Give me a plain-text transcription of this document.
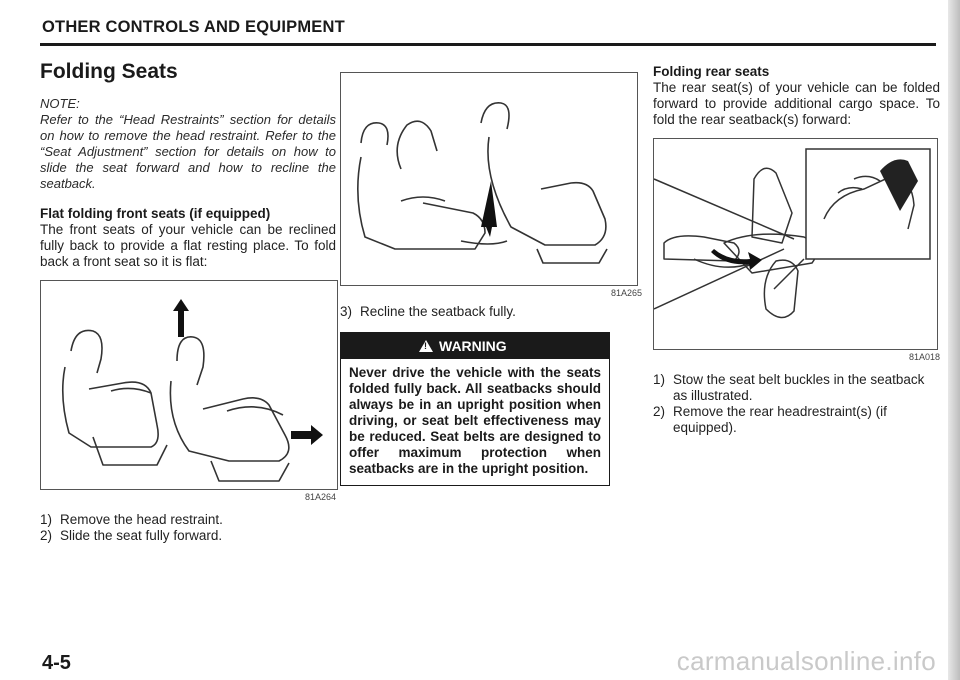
OTHER CONTROLS AND EQUIPMENT
Folding Seats

NOTE:

Refer to the “Head Restraints” section for details on how to remove the head restraint. Refer to the “Seat Adjustment” section for details on how to slide the seat forward and how to recline the seatback.

Flat folding front seats (if equipped)

The front seats of your vehicle can be reclined fully back to provide a flat resting place. To fold back a front seat so it is flat:

81A264
1) Remove the head restraint.
2) Slide the seat fully forward.
81A265
3) Recline the seatback fully.
!
WARNING
Never drive the vehicle with the seats folded fully back. All seatbacks should always be in an upright position when driving, or seat belt effectiveness may be reduced. Seat belts are designed to offer maximum protection when seatbacks are in the upright position.
Folding rear seats

The rear seat(s) of your vehicle can be folded forward to provide additional cargo space. To fold the rear seatback(s) forward:

81A018
1) Stow the seat belt buckles in the seatback as illustrated.
2) Remove the rear headrestraint(s) (if equipped).
4-5	carmanualsonline.info
